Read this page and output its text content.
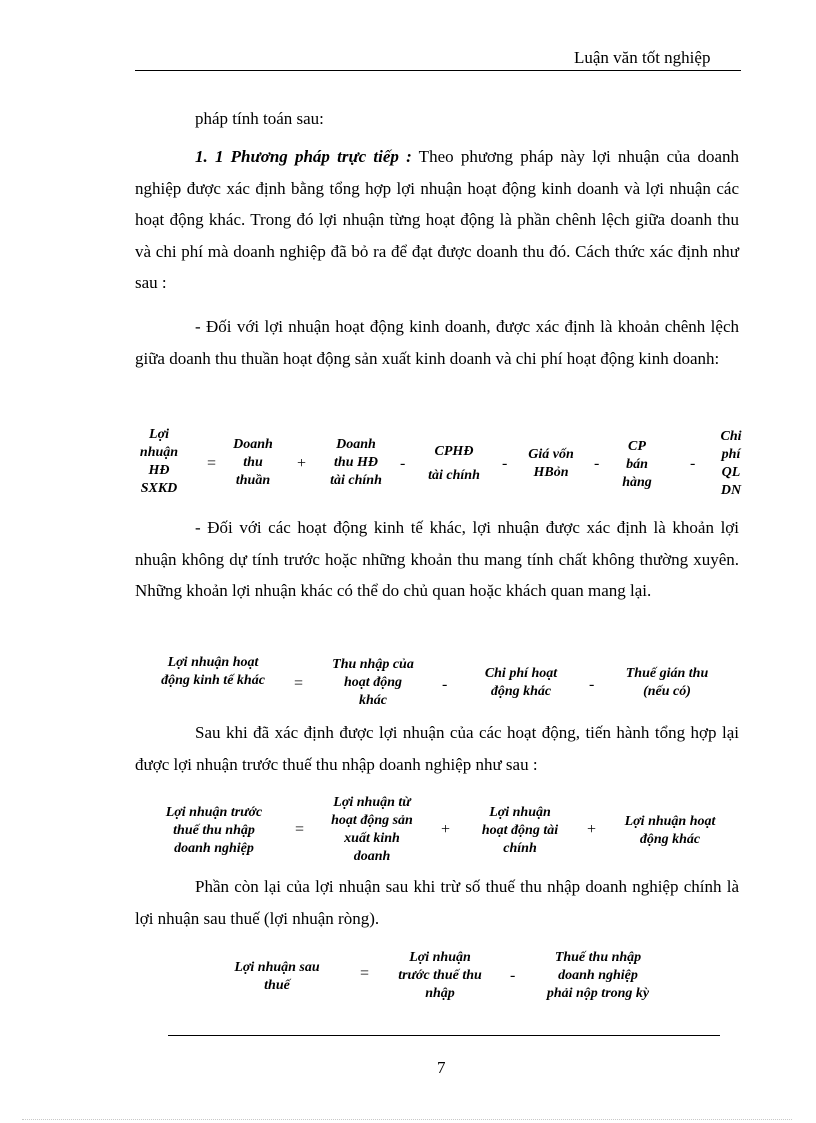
Luận văn tốt nghiệp
pháp tính toán sau:
1. 1 Phương pháp trực tiếp : Theo phương pháp này lợi nhuận của doanh nghiệp được xác định bằng tổng hợp lợi nhuận hoạt động kinh doanh và lợi nhuận các hoạt động khác. Trong đó lợi nhuận từng hoạt động là phần chênh lệch giữa doanh thu và chi phí mà doanh nghiệp đã bỏ ra để đạt được doanh thu đó. Cách thức xác định như sau :
- Đối với lợi nhuận hoạt động kinh doanh, được xác định là khoản chênh lệch giữa doanh thu thuần hoạt động sản xuất kinh doanh và chi phí hoạt động kinh doanh:
Lợi
nhuận
HĐ
SXKD
=
Doanh
thu
thuần
+
Doanh
thu HĐ
tài chính
-
CPHĐ
tài chính
-
Giá vốn
HBỏn
-
CP
bán
hàng
-
Chi
phí
QL
DN
- Đối với các hoạt động kinh tế khác, lợi nhuận được xác định là khoản lợi nhuận không dự tính trước hoặc những khoản thu mang tính chất không thường xuyên. Những khoản lợi nhuận khác có thể do chủ quan hoặc khách quan mang lại.
Lợi nhuận hoạt
động kinh tế khác	=
Thu nhập của
hoạt động
khác
-
Chi phí hoạt
động khác	-
Thuế gián thu
(nếu có)
Sau khi đã xác định được lợi nhuận của các hoạt động, tiến hành tổng hợp lại được lợi nhuận trước thuế thu nhập doanh nghiệp như sau :
Lợi nhuận trước
thuế thu nhập
doanh nghiệp
=
Lợi nhuận từ
hoạt động sản
xuất kinh
doanh
+
Lợi nhuận
hoạt động tài
chính
+	Lợi nhuận hoạt
động khác
Phần còn lại của lợi nhuận sau khi trừ số thuế thu nhập doanh nghiệp chính là lợi nhuận sau thuế (lợi nhuận ròng).
Lợi nhuận sau
thuế
=
Lợi nhuận
trước thuế thu
nhập
-
Thuế thu nhập
doanh nghiệp
phải nộp trong kỳ
7
